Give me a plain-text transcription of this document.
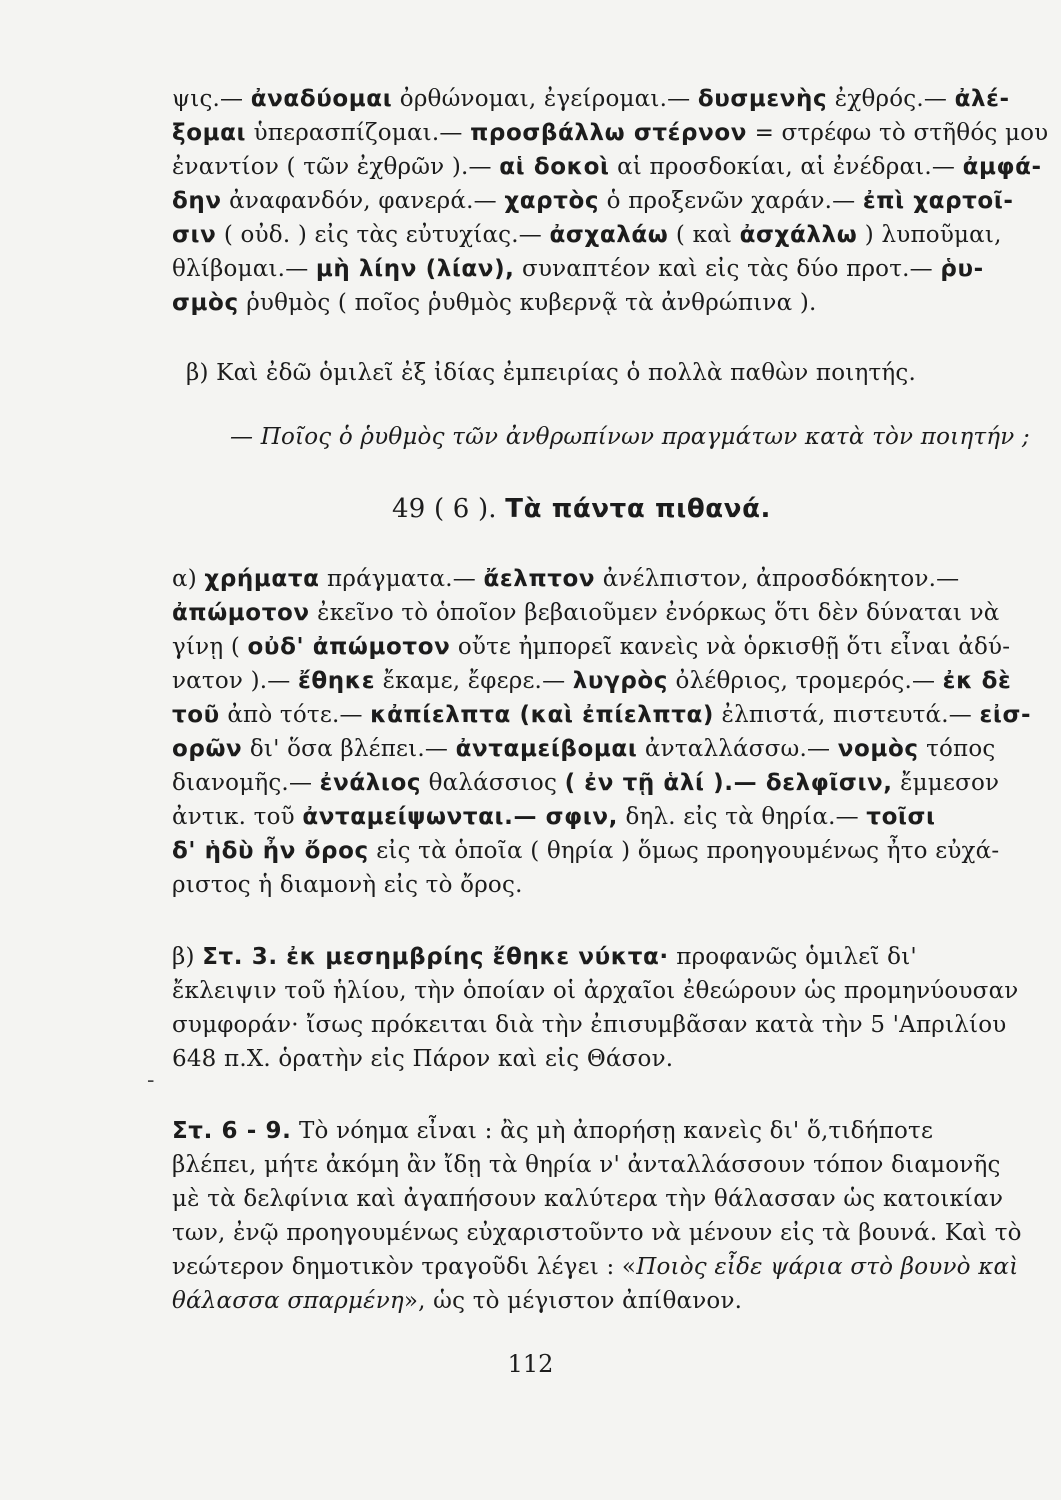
ψις.— ἀναδύομαι ὀρθώνομαι, ἐγείρομαι.— δυσμενὴς ἐχθρός.— ἀλέ-
ξομαι ὑπερασπίζομαι.— προσβάλλω στέρνον = στρέφω τὸ στῆθός μου
ἐναντίον ( τῶν ἐχθρῶν ).— αἱ δοκοὶ αἱ προσδοκίαι, αἱ ἐνέδραι.— ἀμφά-
δην ἀναφανδόν, φανερά.— χαρτὸς ὁ προξενῶν χαράν.— ἐπὶ χαρτοῖ-
σιν ( οὐδ. ) εἰς τὰς εὐτυχίας.— ἀσχαλάω ( καὶ ἀσχάλλω ) λυποῦμαι,
θλίβομαι.— μὴ λίην (λίαν), συναπτέον καὶ εἰς τὰς δύο προτ.— ῥυ-
σμὸς ῥυθμὸς ( ποῖος ῥυθμὸς κυβερνᾷ τὰ ἀνθρώπινα ).
β) Καὶ ἐδῶ ὁμιλεῖ ἐξ ἰδίας ἐμπειρίας ὁ πολλὰ παθὼν ποιητής.
— Ποῖος ὁ ῥυθμὸς τῶν ἀνθρωπίνων πραγμάτων κατὰ τὸν ποιητήν ;
49 ( 6 ). Τὰ πάντα πιθανά.
α) χρήματα πράγματα.— ἄελπτον ἀνέλπιστον, ἀπροσδόκητον.—
ἀπώμοτον ἐκεῖνο τὸ ὁποῖον βεβαιοῦμεν ἐνόρκως ὅτι δὲν δύναται νὰ
γίνῃ ( οὐδ' ἀπώμοτον οὔτε ἠμπορεῖ κανεὶς νὰ ὁρκισθῇ ὅτι εἶναι ἀδύ-
νατον ).— ἔθηκε ἔκαμε, ἔφερε.— λυγρὸς ὀλέθριος, τρομερός.— ἐκ δὲ
τοῦ ἀπὸ τότε.— κἀπίελπτα (καὶ ἐπίελπτα) ἐλπιστά, πιστευτά.— εἰσ-
ορῶν δι' ὅσα βλέπει.— ἀνταμείβομαι ἀνταλλάσσω.— νομὸς τόπος
διανομῆς.— ἐνάλιος θαλάσσιος ( ἐν τῇ ἁλί ).— δελφῖσιν, ἔμμεσον
ἀντικ. τοῦ ἀνταμείψωνται.— σφιν, δηλ. εἰς τὰ θηρία.— τοῖσι
δ' ἡδὺ ἦν ὄρος εἰς τὰ ὁποῖα ( θηρία ) ὅμως προηγουμένως ἦτο εὐχά-
ριστος ἡ διαμονὴ εἰς τὸ ὄρος.
β) Στ. 3. ἐκ μεσημβρίης ἔθηκε νύκτα· προφανῶς ὁμιλεῖ δι'
ἔκλειψιν τοῦ ἡλίου, τὴν ὁποίαν οἱ ἀρχαῖοι ἐθεώρουν ὡς προμηνύουσαν
συμφοράν· ἴσως πρόκειται διὰ τὴν ἐπισυμβᾶσαν κατὰ τὴν 5 'Απριλίου
648 π.Χ. ὁρατὴν εἰς Πάρον καὶ εἰς Θάσον.
-
Στ. 6 - 9. Τὸ νόημα εἶναι : ἂς μὴ ἀπορήσῃ κανεὶς δι' ὅ,τιδήποτε
βλέπει, μήτε ἀκόμη ἂν ἴδῃ τὰ θηρία ν' ἀνταλλάσσουν τόπον διαμονῆς
μὲ τὰ δελφίνια καὶ ἀγαπήσουν καλύτερα τὴν θάλασσαν ὡς κατοικίαν
των, ἐνῷ προηγουμένως εὐχαριστοῦντο νὰ μένουν εἰς τὰ βουνά. Καὶ τὸ
νεώτερον δημοτικὸν τραγοῦδι λέγει : «Ποιὸς εἶδε ψάρια στὸ βουνὸ καὶ
θάλασσα σπαρμένη», ὡς τὸ μέγιστον ἀπίθανον.
112
